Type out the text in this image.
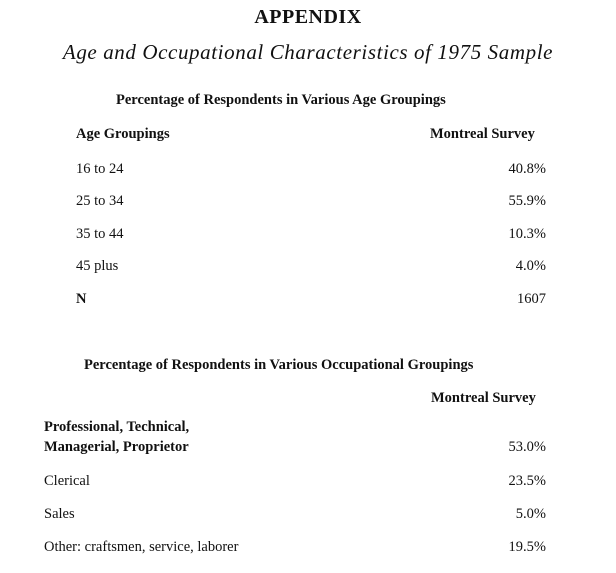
APPENDIX
Age and Occupational Characteristics of 1975 Sample
Percentage of Respondents in Various Age Groupings
Age Groupings	Montreal Survey
16 to 24	40.8%
25 to 34	55.9%
35 to 44	10.3%
45 plus	4.0%
N	1607
Percentage of Respondents in Various Occupational Groupings
Montreal Survey
Professional, Technical,
Managerial, Proprietor	53.0%
Clerical	23.5%
Sales	5.0%
Other: craftsmen, service, laborer	19.5%
